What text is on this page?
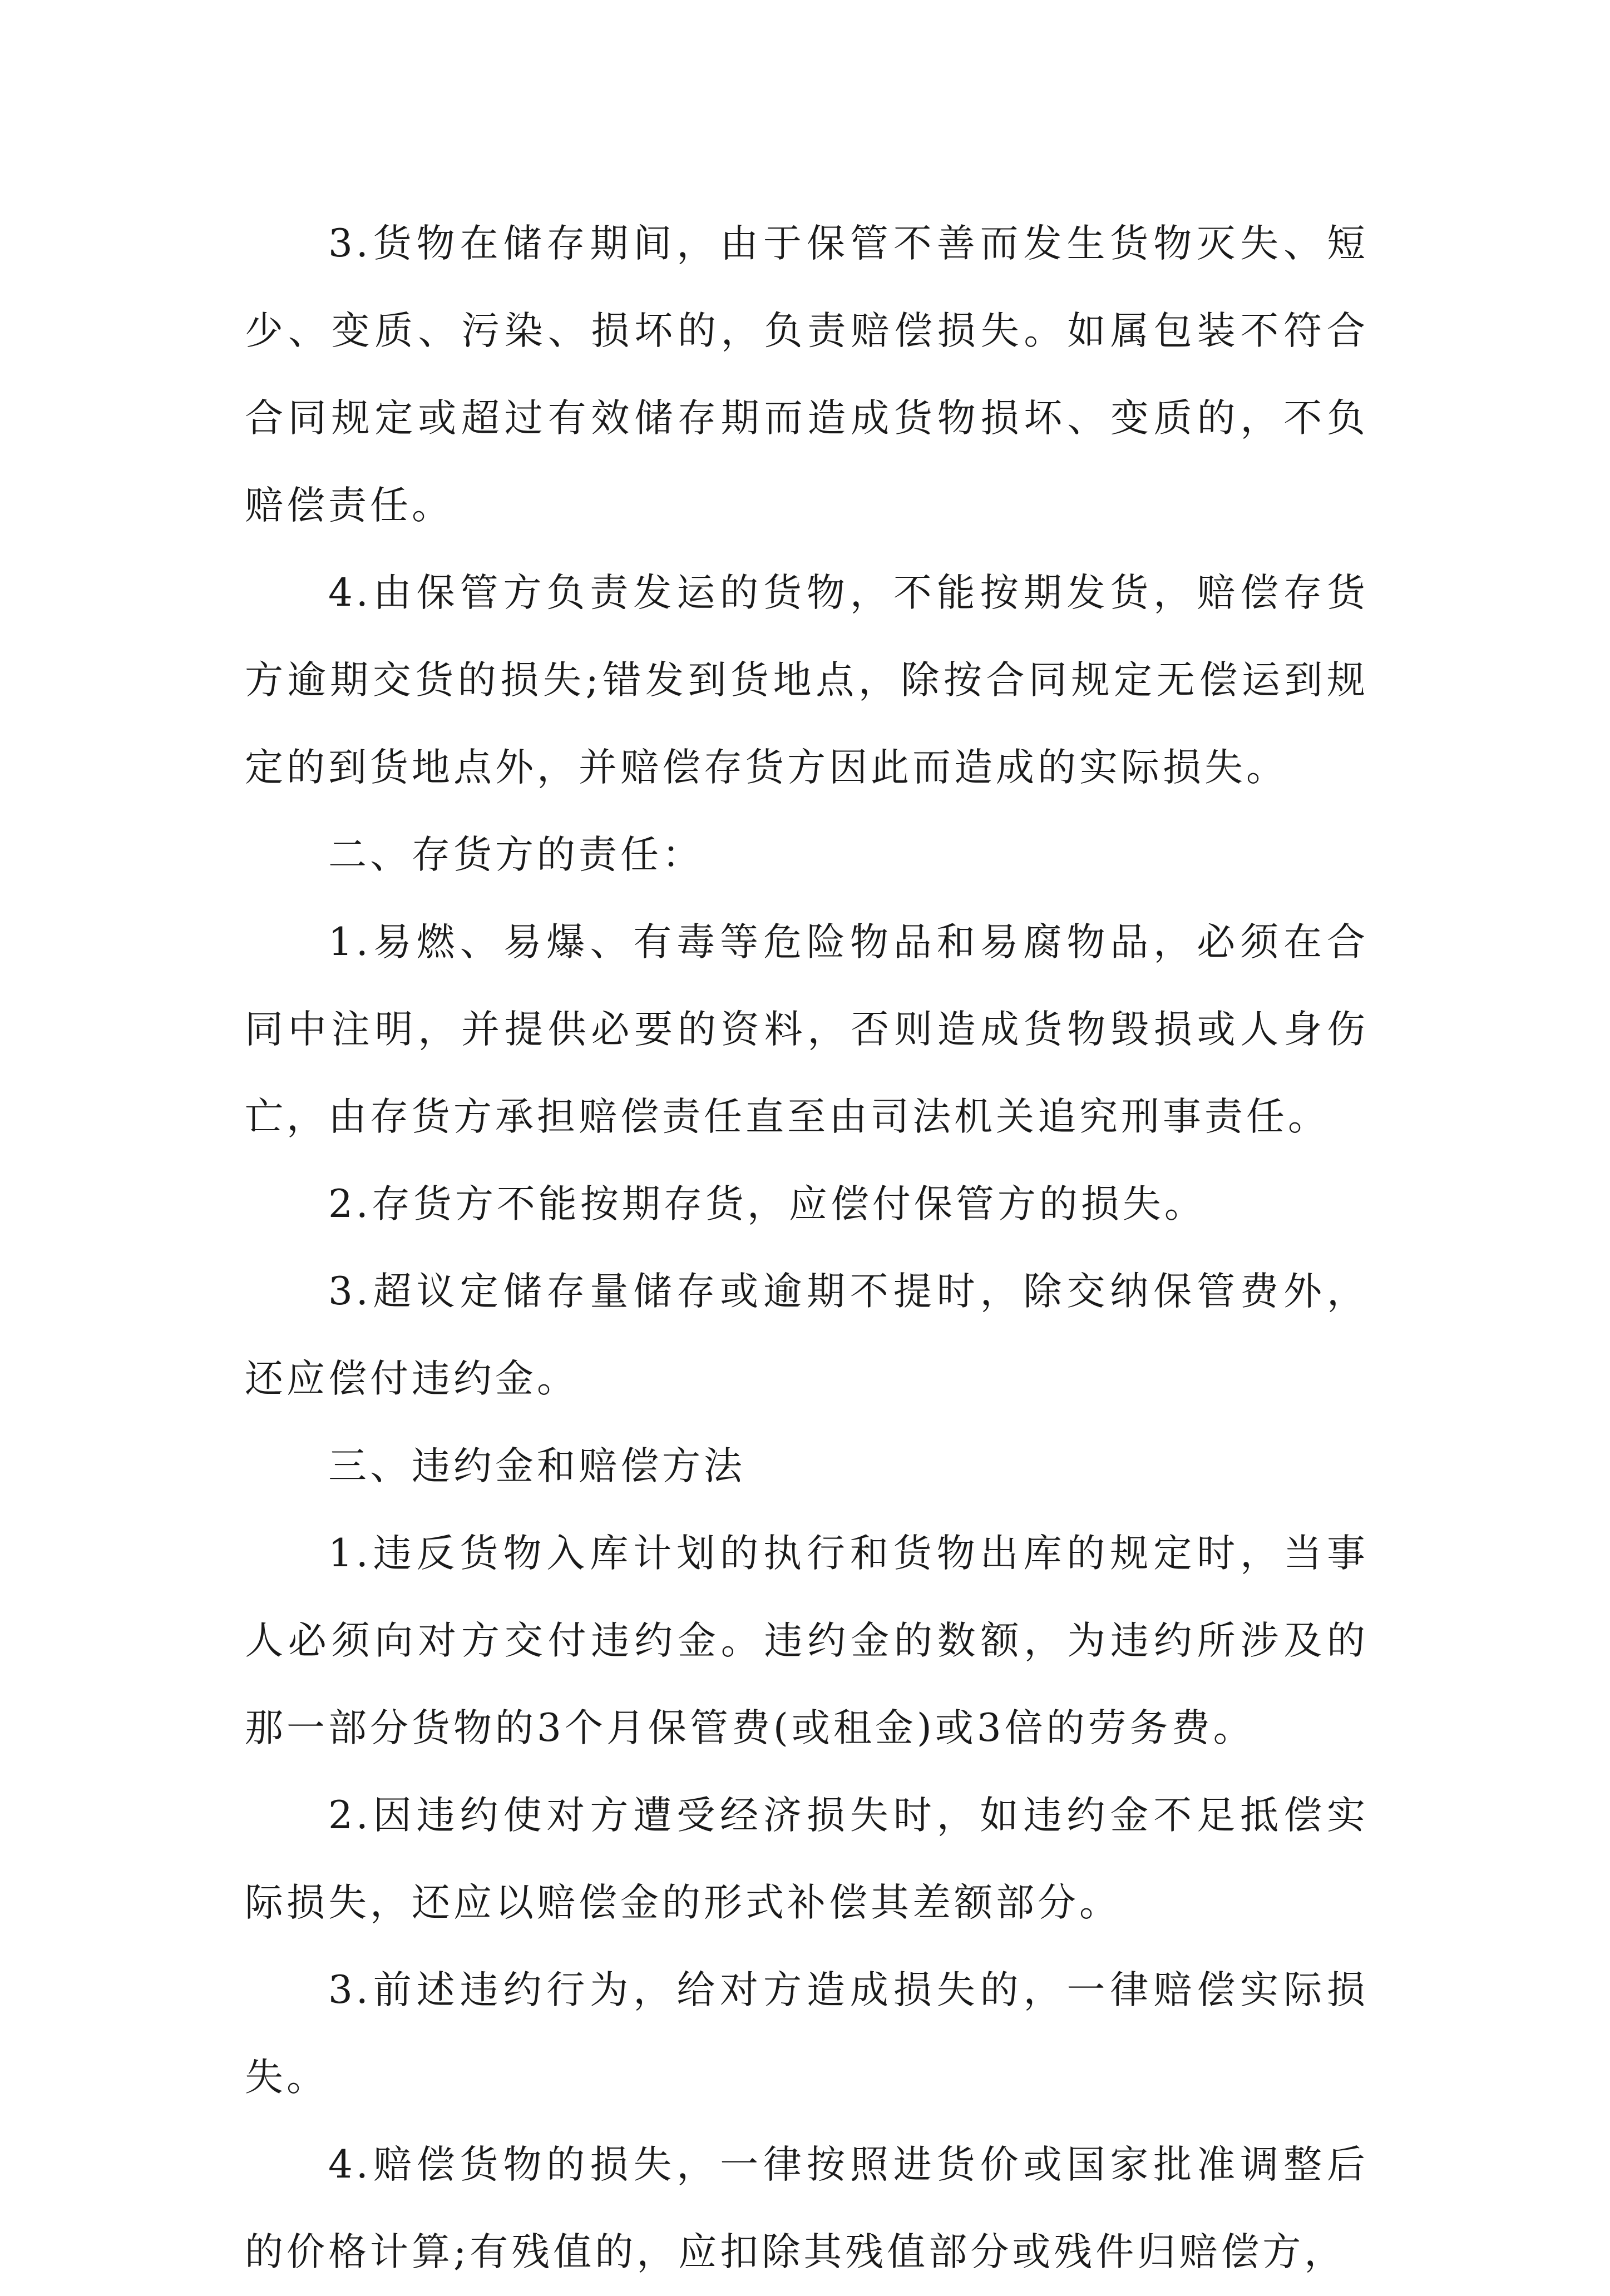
3.货物在储存期间，由于保管不善而发生货物灭失、短少、变质、污染、损坏的，负责赔偿损失。如属包装不符合合同规定或超过有效储存期而造成货物损坏、变质的，不负赔偿责任。

4.由保管方负责发运的货物，不能按期发货，赔偿存货方逾期交货的损失;错发到货地点，除按合同规定无偿运到规定的到货地点外，并赔偿存货方因此而造成的实际损失。

二、存货方的责任：

1.易燃、易爆、有毒等危险物品和易腐物品，必须在合同中注明，并提供必要的资料，否则造成货物毁损或人身伤亡，由存货方承担赔偿责任直至由司法机关追究刑事责任。

2.存货方不能按期存货，应偿付保管方的损失。

3.超议定储存量储存或逾期不提时，除交纳保管费外，还应偿付违约金。

三、违约金和赔偿方法

1.违反货物入库计划的执行和货物出库的规定时，当事人必须向对方交付违约金。违约金的数额，为违约所涉及的那一部分货物的3个月保管费(或租金)或3倍的劳务费。

2.因违约使对方遭受经济损失时，如违约金不足抵偿实际损失，还应以赔偿金的形式补偿其差额部分。

3.前述违约行为，给对方造成损失的，一律赔偿实际损失。

4.赔偿货物的损失，一律按照进货价或国家批准调整后的价格计算;有残值的，应扣除其残值部分或残件归赔偿方，
